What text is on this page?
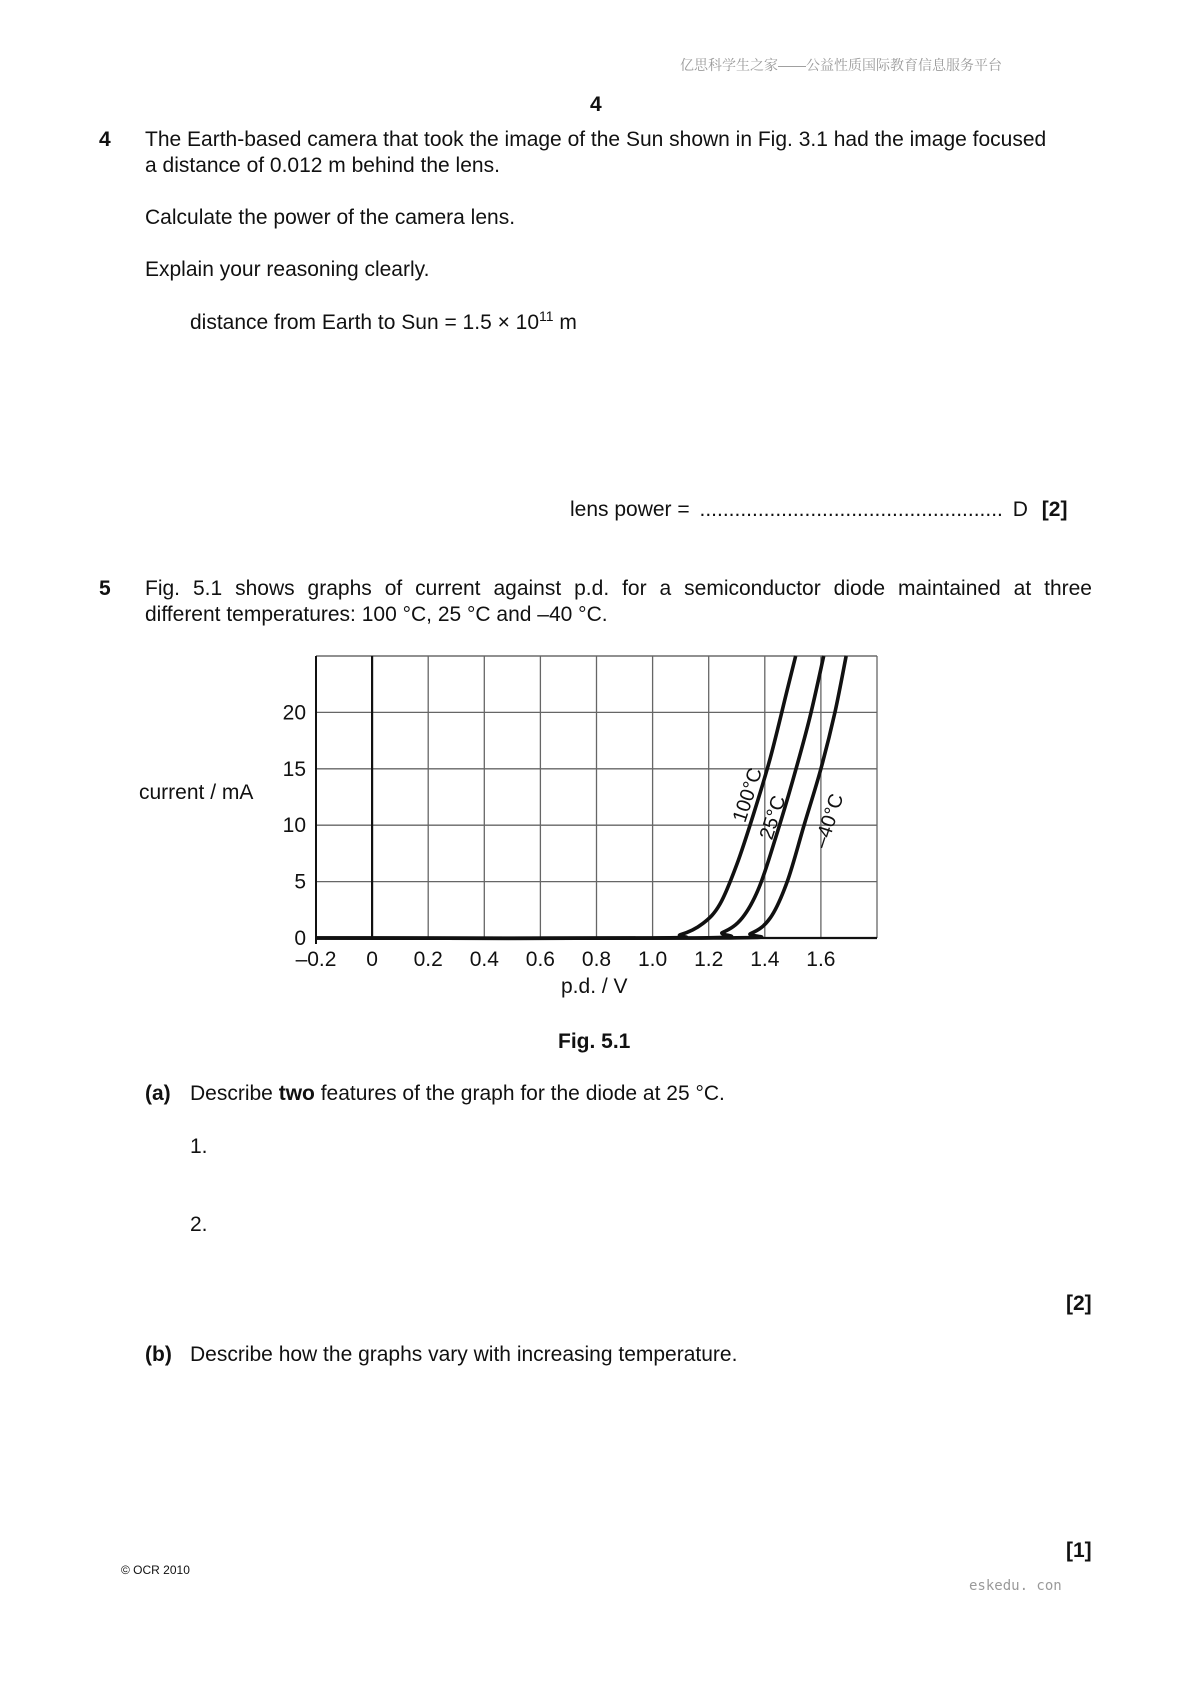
亿思科学生之家——公益性质国际教育信息服务平台
4
4 The Earth-based camera that took the image of the Sun shown in Fig. 3.1 had the image focused
a distance of 0.012 m behind the lens.
Calculate the power of the camera lens.
Explain your reasoning clearly.
distance from Earth to Sun = $1.5 \times 10^{11}$ m
lens power = .................................................... D [2]
5 Fig. 5.1 shows graphs of current against p.d. for a semiconductor diode maintained at three
different temperatures: 100 °C, 25 °C and –40 °C.
–0.2 0 0.2 0.4 0.6 0.8 1.0 1.2 1.4 1.6
0
5
10
15
20
100°C
25°C –40°C
current / mA
p.d. / V
Fig. 5.1
(a) Describe two features of the graph for the diode at 25 °C.
1.
2.
[2]
(b) Describe how the graphs vary with increasing temperature.
[1]
© OCR 2010
eskedu. con
